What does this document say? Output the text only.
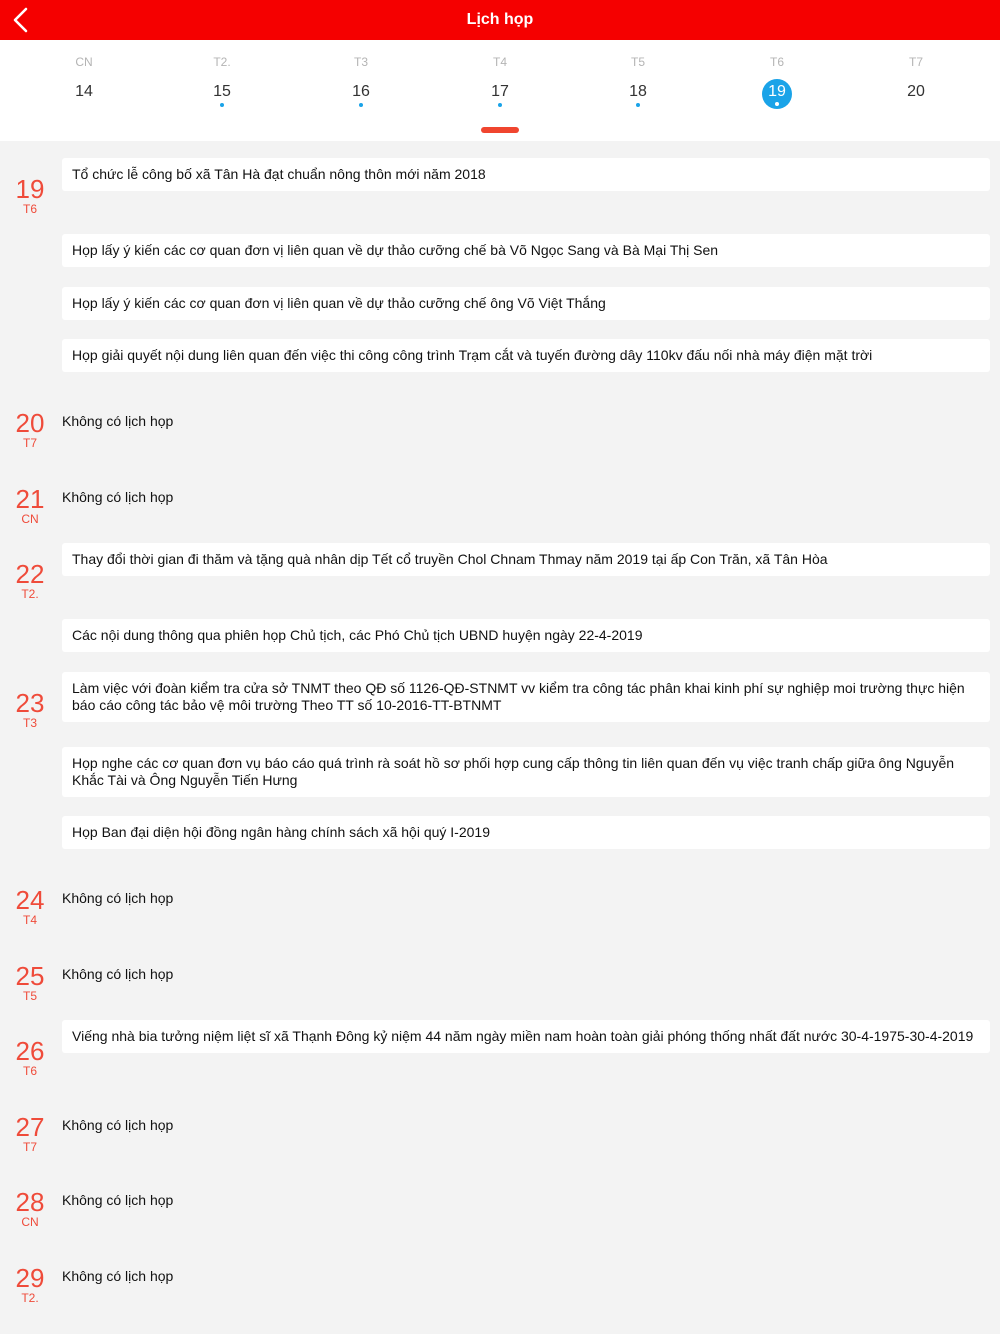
Lịch họp
CN
14
T2.
15
T3
16
T4
17
T5
18
T6
19
T7
20
19
T6
Tổ chức lễ công bố xã Tân Hà đạt chuẩn nông thôn mới năm 2018
Họp lấy ý kiến các cơ quan đơn vị liên quan về dự thảo cưỡng chế bà Võ Ngọc Sang và Bà Mại Thị Sen
Họp lấy ý kiến các cơ quan đơn vị liên quan về dự thảo cưỡng chế ông Võ Việt Thắng
Họp giải quyết nội dung liên quan đến việc thi công công trình Trạm cắt và tuyến đường dây 110kv đấu nối nhà máy điện mặt trời
20
T7
Không có lịch họp
21
CN
Không có lịch họp
22
T2.
Thay đổi thời gian đi thăm và tặng quà nhân dịp Tết cổ truyền Chol Chnam Thmay năm 2019 tại ấp Con Trăn, xã Tân Hòa
Các nội dung thông qua phiên họp Chủ tịch, các Phó Chủ tịch UBND huyện ngày 22-4-2019
23
T3
Làm việc với đoàn kiểm tra cửa sở TNMT theo QĐ số 1126-QĐ-STNMT vv kiểm tra công tác phân khai kinh phí sự nghiệp moi trường thực hiện báo cáo công tác bảo vệ môi trường Theo TT số 10-2016-TT-BTNMT
Họp nghe các cơ quan đơn vụ báo cáo quá trình rà soát hồ sơ phối hợp cung cấp thông tin liên quan đến vụ việc tranh chấp giữa ông Nguyễn Khắc Tài và Ông Nguyễn Tiến Hưng
Họp Ban đại diện hội đồng ngân hàng chính sách xã hội quý I-2019
24
T4
Không có lịch họp
25
T5
Không có lịch họp
26
T6
Viếng nhà bia tưởng niệm liệt sĩ xã Thạnh Đông kỷ niệm 44 năm ngày miền nam hoàn toàn giải phóng thống nhất đất nước 30-4-1975-30-4-2019
27
T7
Không có lịch họp
28
CN
Không có lịch họp
29
T2.
Không có lịch họp
